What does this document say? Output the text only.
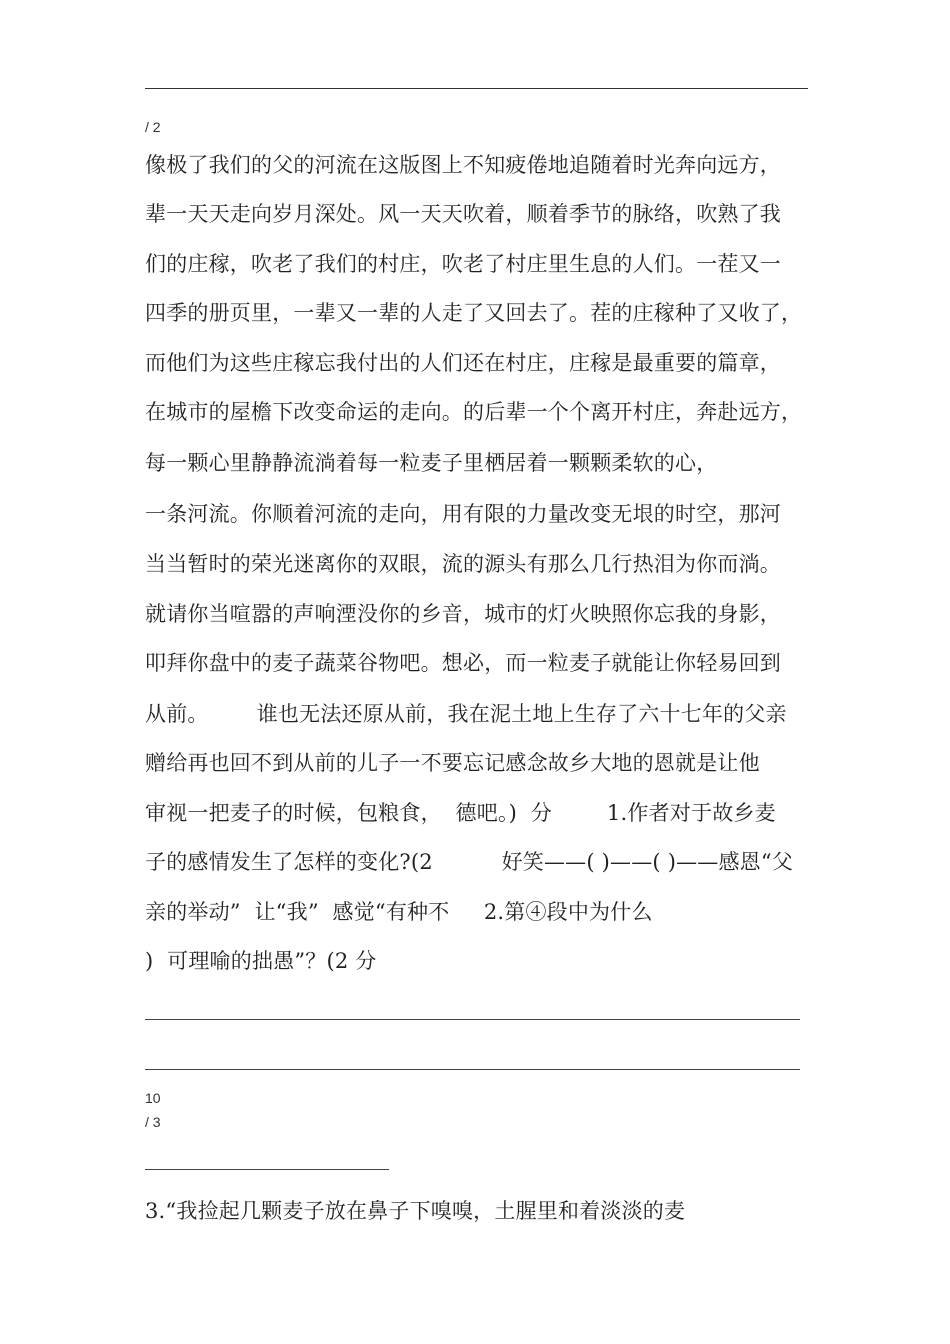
/ 2
像极了我们的父的河流在这版图上不知疲倦地追随着时光奔向远方，
辈一天天走向岁月深处。风一天天吹着，顺着季节的脉络，吹熟了我
们的庄稼，吹老了我们的村庄，吹老了村庄里生息的人们。一茬又一
四季的册页里，一辈又一辈的人走了又回去了。茬的庄稼种了又收了，
而他们为这些庄稼忘我付出的人们还在村庄，庄稼是最重要的篇章，
在城市的屋檐下改变命运的走向。的后辈一个个离开村庄，奔赴远方，
每一颗心里静静流淌着每一粒麦子里栖居着一颗颗柔软的心，
一条河流。你顺着河流的走向，用有限的力量改变无垠的时空，那河
当当暂时的荣光迷离你的双眼，流的源头有那么几行热泪为你而淌。
就请你当喧嚣的声响湮没你的乡音，城市的灯火映照你忘我的身影，
叩拜你盘中的麦子蔬菜谷物吧。想必，而一粒麦子就能让你轻易回到
从前。       谁也无法还原从前，我在泥土地上生存了六十七年的父亲
赠给再也回不到从前的儿子一不要忘记感念故乡大地的恩就是让他
审视一把麦子的时候，包粮食，  德吧。)  分        1.作者对于故乡麦
子的感情发生了怎样的变化?(2          好笑——( )——( )——感恩“父
亲的举动”  让“我”  感觉“有种不     2.第④段中为什么
)  可理喻的拙愚”？(2 分
10
/ 3
3.“我捡起几颗麦子放在鼻子下嗅嗅，土腥里和着淡淡的麦
